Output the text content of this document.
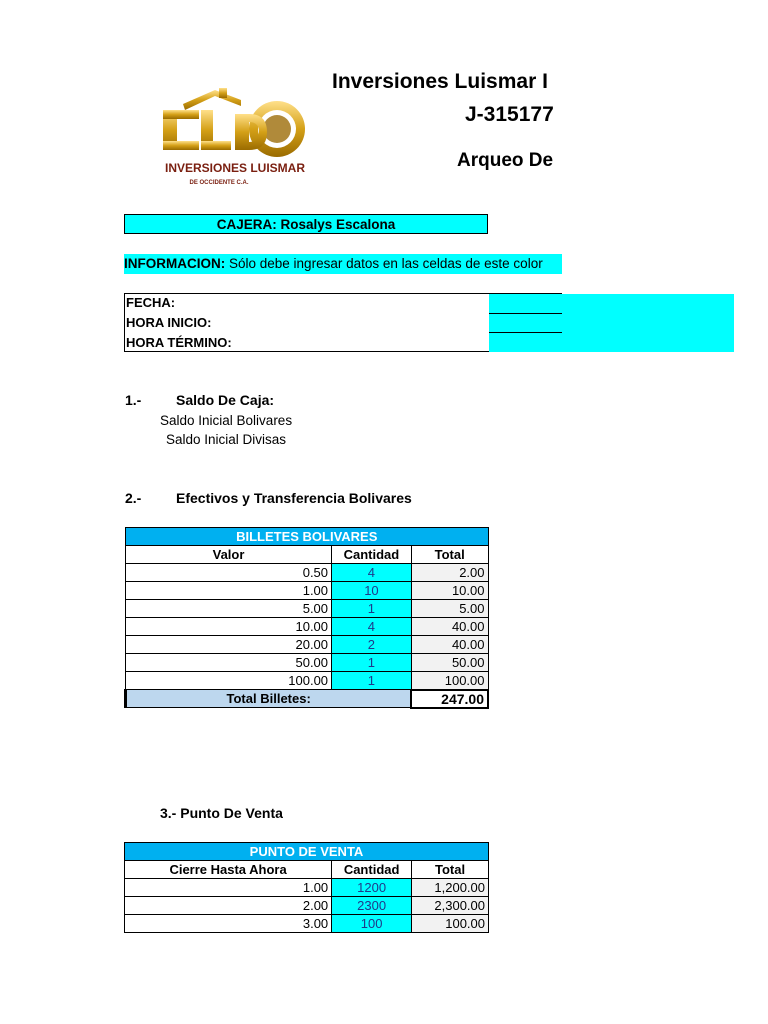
Inversiones Luismar I
J-315177
Arqueo De
INVERSIONES LUISMAR
DE OCCIDENTE C.A.
CAJERA: Rosalys Escalona
INFORMACION: Sólo debe ingresar datos en las celdas de este color
FECHA:
HORA INICIO:
HORA TÉRMINO:
1.- Saldo De Caja:
Saldo Inicial Bolivares
Saldo Inicial Divisas
2.- Efectivos y Transferencia Bolivares
BILLETES BOLIVARES		
Valor	Cantidad	Total
0.50	4	2.00
1.00	10	10.00
5.00	1	5.00
10.00	4	40.00
20.00	2	40.00
50.00	1	50.00
100.00	1	100.00
Total Billetes:		247.00
3.- Punto De Venta
PUNTO DE VENTA		
Cierre Hasta Ahora	Cantidad	Total
1.00	1200	1,200.00
2.00	2300	2,300.00
3.00	100	100.00
